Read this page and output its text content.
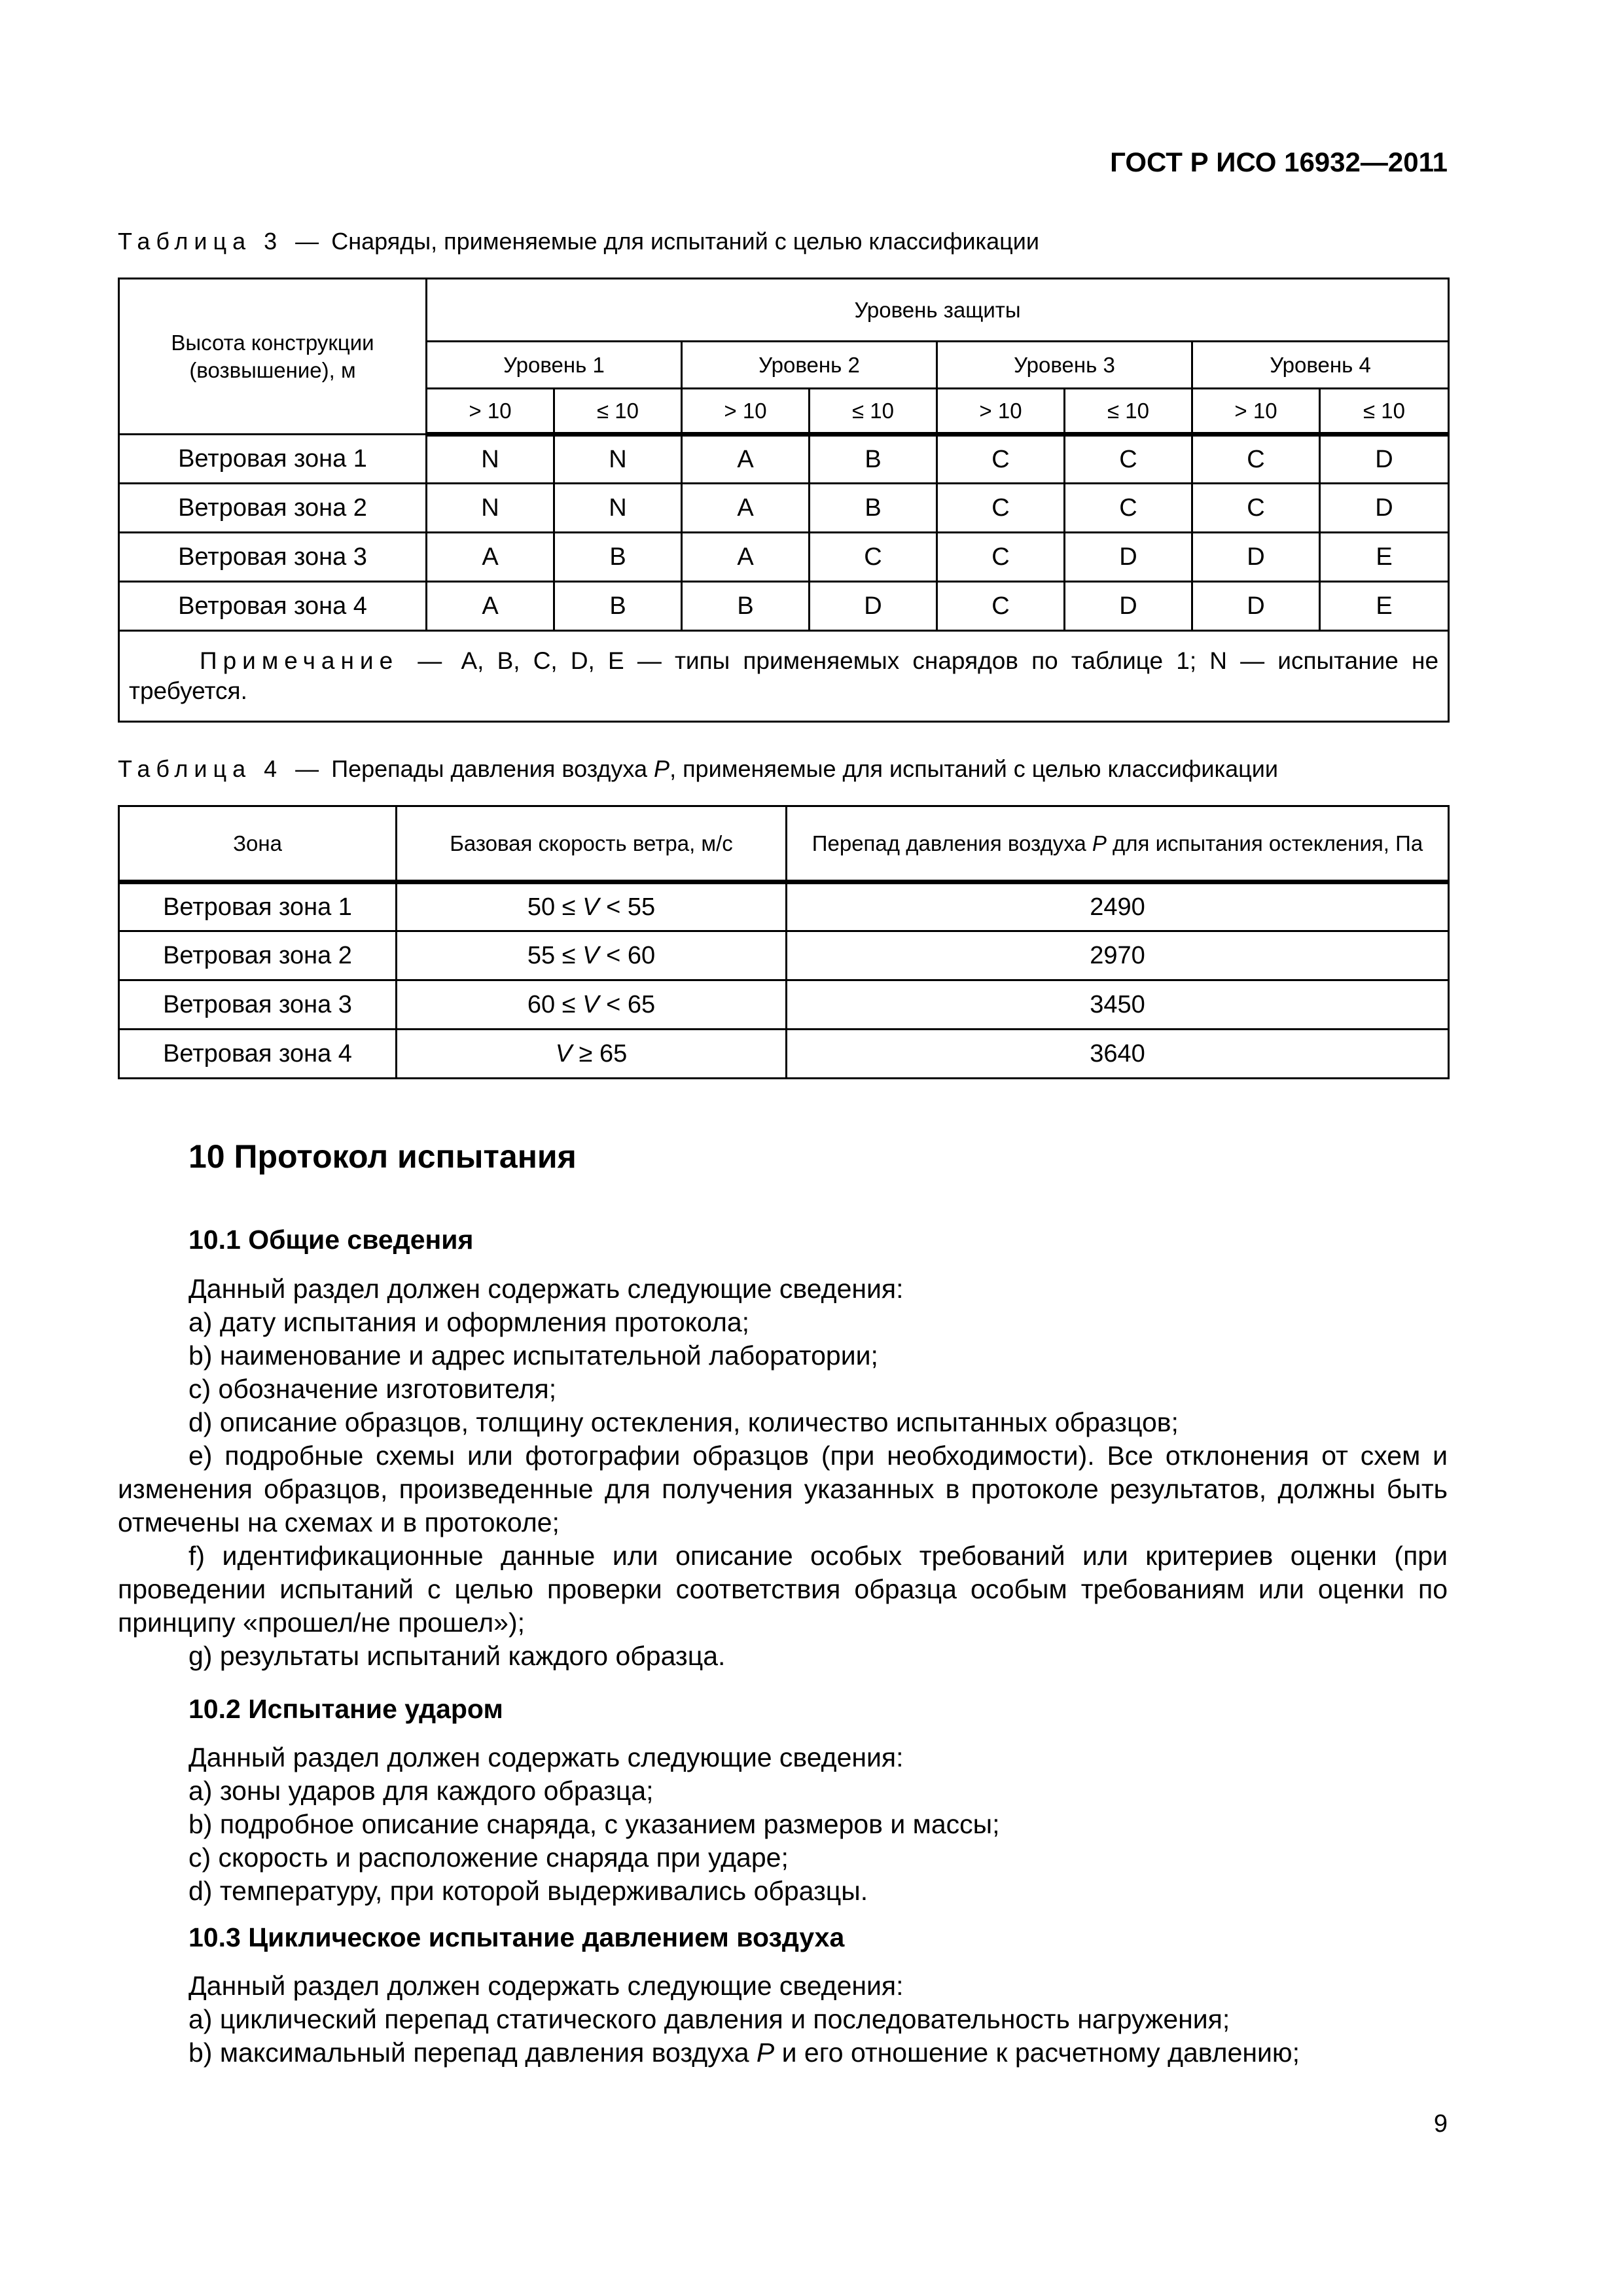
ГОСТ Р ИСО 16932—2011
Таблица 3 — Снаряды, применяемые для испытаний с целью классификации
Высота конструкции (возвышение), м	Уровень защиты							
	Уровень 1		Уровень 2		Уровень 3		Уровень 4	
	> 10	≤ 10	> 10	≤ 10	> 10	≤ 10	> 10	≤ 10
Ветровая зона 1	N	N	A	B	C	C	C	D
Ветровая зона 2	N	N	A	B	C	C	C	D
Ветровая зона 3	A	B	A	C	C	D	D	E
Ветровая зона 4	A	B	B	D	C	D	D	E
Примечание — A, B, C, D, E — типы применяемых снарядов по таблице 1; N — испытание не требуется.								
Таблица 4 — Перепады давления воздуха P, применяемые для испытаний с целью классификации
Зона	Базовая скорость ветра, м/с	Перепад давления воздуха P для испытания остекления, Па
Ветровая зона 1	50 ≤ V < 55	2490
Ветровая зона 2	55 ≤ V < 60	2970
Ветровая зона 3	60 ≤ V < 65	3450
Ветровая зона 4	V ≥ 65	3640
10 Протокол испытания
10.1 Общие сведения

Данный раздел должен содержать следующие сведения:

a) дату испытания и оформления протокола;

b) наименование и адрес испытательной лаборатории;

c) обозначение изготовителя;

d) описание образцов, толщину остекления, количество испытанных образцов;

e) подробные схемы или фотографии образцов (при необходимости). Все отклонения от схем и изменения образцов, произведенные для получения указанных в протоколе результатов, должны быть отмечены на схемах и в протоколе;

f) идентификационные данные или описание особых требований или критериев оценки (при проведении испытаний с целью проверки соответствия образца особым требованиям или оценки по принципу «прошел/не прошел»);

g) результаты испытаний каждого образца.

10.2 Испытание ударом

Данный раздел должен содержать следующие сведения:

a) зоны ударов для каждого образца;

b) подробное описание снаряда, с указанием размеров и массы;

c) скорость и расположение снаряда при ударе;

d) температуру, при которой выдерживались образцы.

10.3 Циклическое испытание давлением воздуха

Данный раздел должен содержать следующие сведения:

a) циклический перепад статического давления и последовательность нагружения;

b) максимальный перепад давления воздуха P и его отношение к расчетному давлению;

9
